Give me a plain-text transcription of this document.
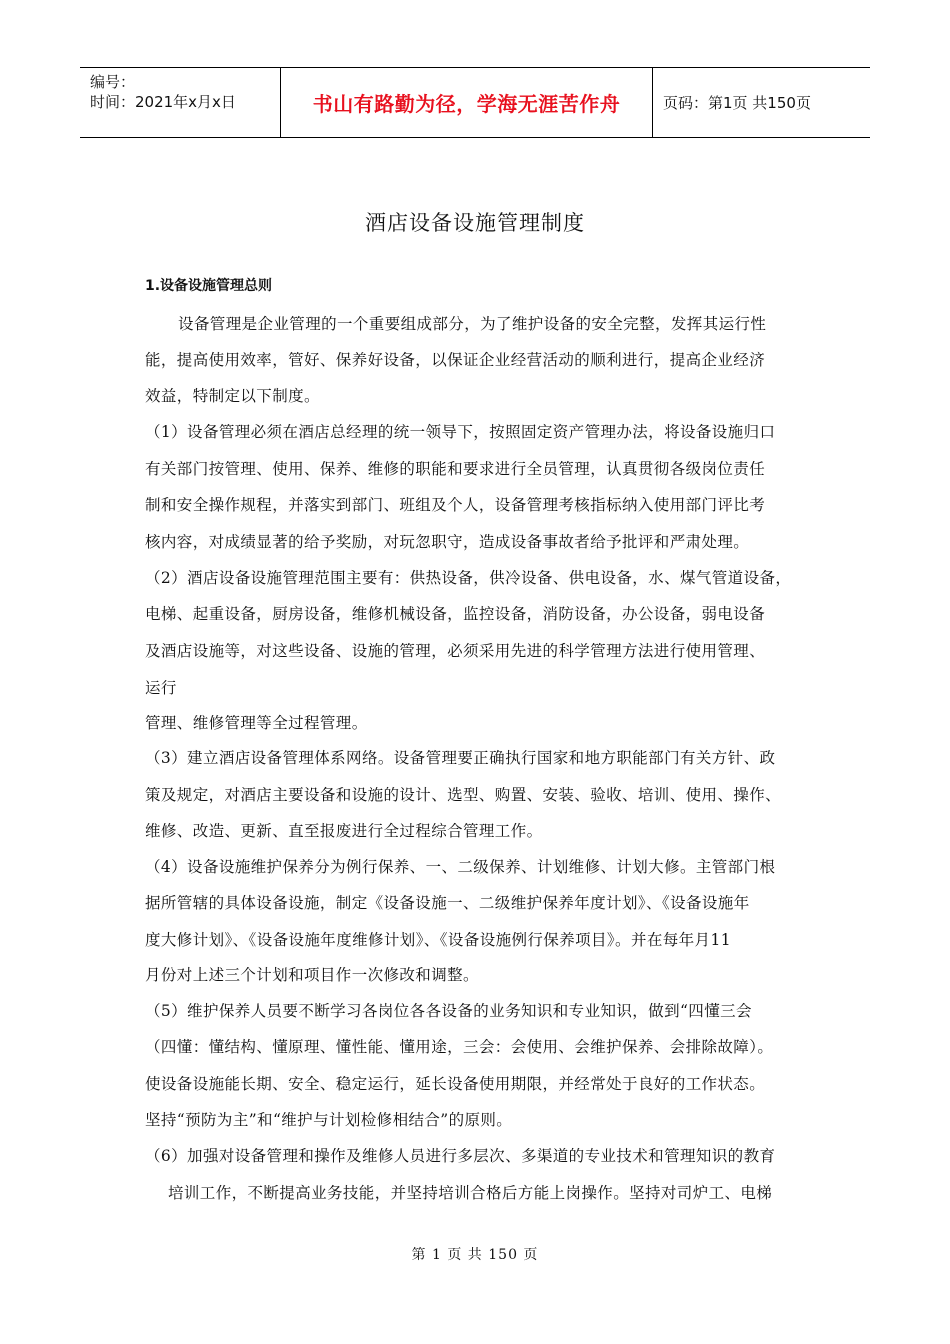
编号：
时间：2021年x月x日	书山有路勤为径，学海无涯苦作舟	页码：第1页 共150页
酒店设备设施管理制度
1.设备设施管理总则
设备管理是企业管理的一个重要组成部分，为了维护设备的安全完整，发挥其运行性
能，提高使用效率，管好、保养好设备，以保证企业经营活动的顺利进行，提高企业经济
效益，特制定以下制度。
（1）设备管理必须在酒店总经理的统一领导下，按照固定资产管理办法，将设备设施归口
有关部门按管理、使用、保养、维修的职能和要求进行全员管理，认真贯彻各级岗位责任
制和安全操作规程，并落实到部门、班组及个人，设备管理考核指标纳入使用部门评比考
核内容，对成绩显著的给予奖励，对玩忽职守，造成设备事故者给予批评和严肃处理。
（2）酒店设备设施管理范围主要有：供热设备，供冷设备、供电设备，水、煤气管道设备，
电梯、起重设备，厨房设备，维修机械设备，监控设备，消防设备，办公设备，弱电设备
及酒店设施等，对这些设备、设施的管理，必须采用先进的科学管理方法进行使用管理、
运行
管理、维修管理等全过程管理。
（3）建立酒店设备管理体系网络。设备管理要正确执行国家和地方职能部门有关方针、政
策及规定，对酒店主要设备和设施的设计、选型、购置、安装、验收、培训、使用、操作、
维修、改造、更新、直至报废进行全过程综合管理工作。
（4）设备设施维护保养分为例行保养、一、二级保养、计划维修、计划大修。主管部门根
据所管辖的具体设备设施，制定《设备设施一、二级维护保养年度计划》、《设备设施年
度大修计划》、《设备设施年度维修计划》、《设备设施例行保养项目》。并在每年月11
月份对上述三个计划和项目作一次修改和调整。
（5）维护保养人员要不断学习各岗位各各设备的业务知识和专业知识，做到“四懂三会
（四懂：懂结构、懂原理、懂性能、懂用途，三会：会使用、会维护保养、会排除故障）。
使设备设施能长期、安全、稳定运行，延长设备使用期限，并经常处于良好的工作状态。
坚持“预防为主”和“维护与计划检修相结合”的原则。
（6）加强对设备管理和操作及维修人员进行多层次、多渠道的专业技术和管理知识的教育
培训工作，不断提高业务技能，并坚持培训合格后方能上岗操作。坚持对司炉工、电梯
第 1 页 共 150 页
